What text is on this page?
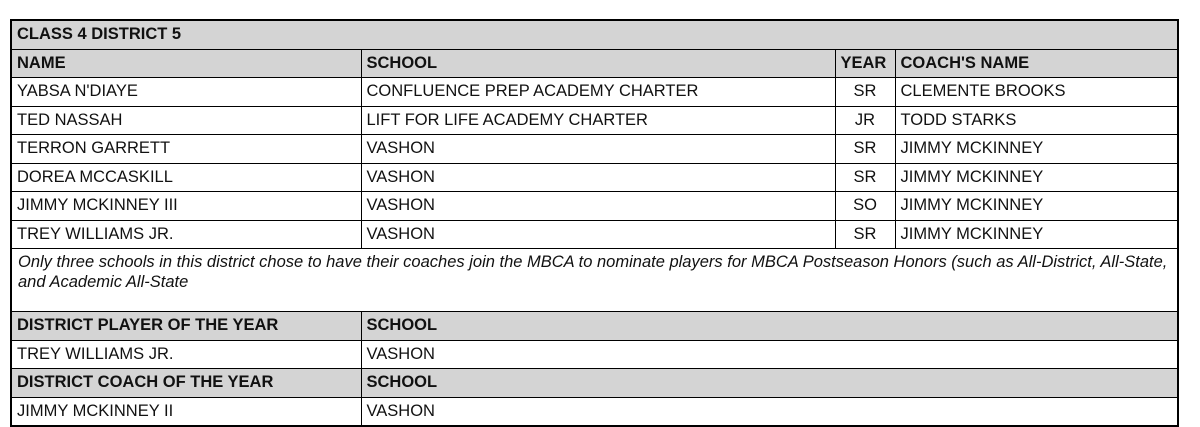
CLASS 4 DISTRICT 5			
NAME	SCHOOL	YEAR	COACH'S NAME
YABSA N'DIAYE	CONFLUENCE PREP ACADEMY CHARTER	SR	CLEMENTE BROOKS
TED NASSAH	LIFT FOR LIFE ACADEMY CHARTER	JR	TODD STARKS
TERRON GARRETT	VASHON	SR	JIMMY MCKINNEY
DOREA MCCASKILL	VASHON	SR	JIMMY MCKINNEY
JIMMY MCKINNEY III	VASHON	SO	JIMMY MCKINNEY
TREY WILLIAMS JR.	VASHON	SR	JIMMY MCKINNEY
Only three schools in this district chose to have their coaches join the MBCA to nominate players for MBCA Postseason Honors (such as All-District, All-State, and Academic All-State			
DISTRICT PLAYER OF THE YEAR	SCHOOL		
TREY WILLIAMS JR.	VASHON		
DISTRICT COACH OF THE YEAR	SCHOOL		
JIMMY MCKINNEY II	VASHON		
